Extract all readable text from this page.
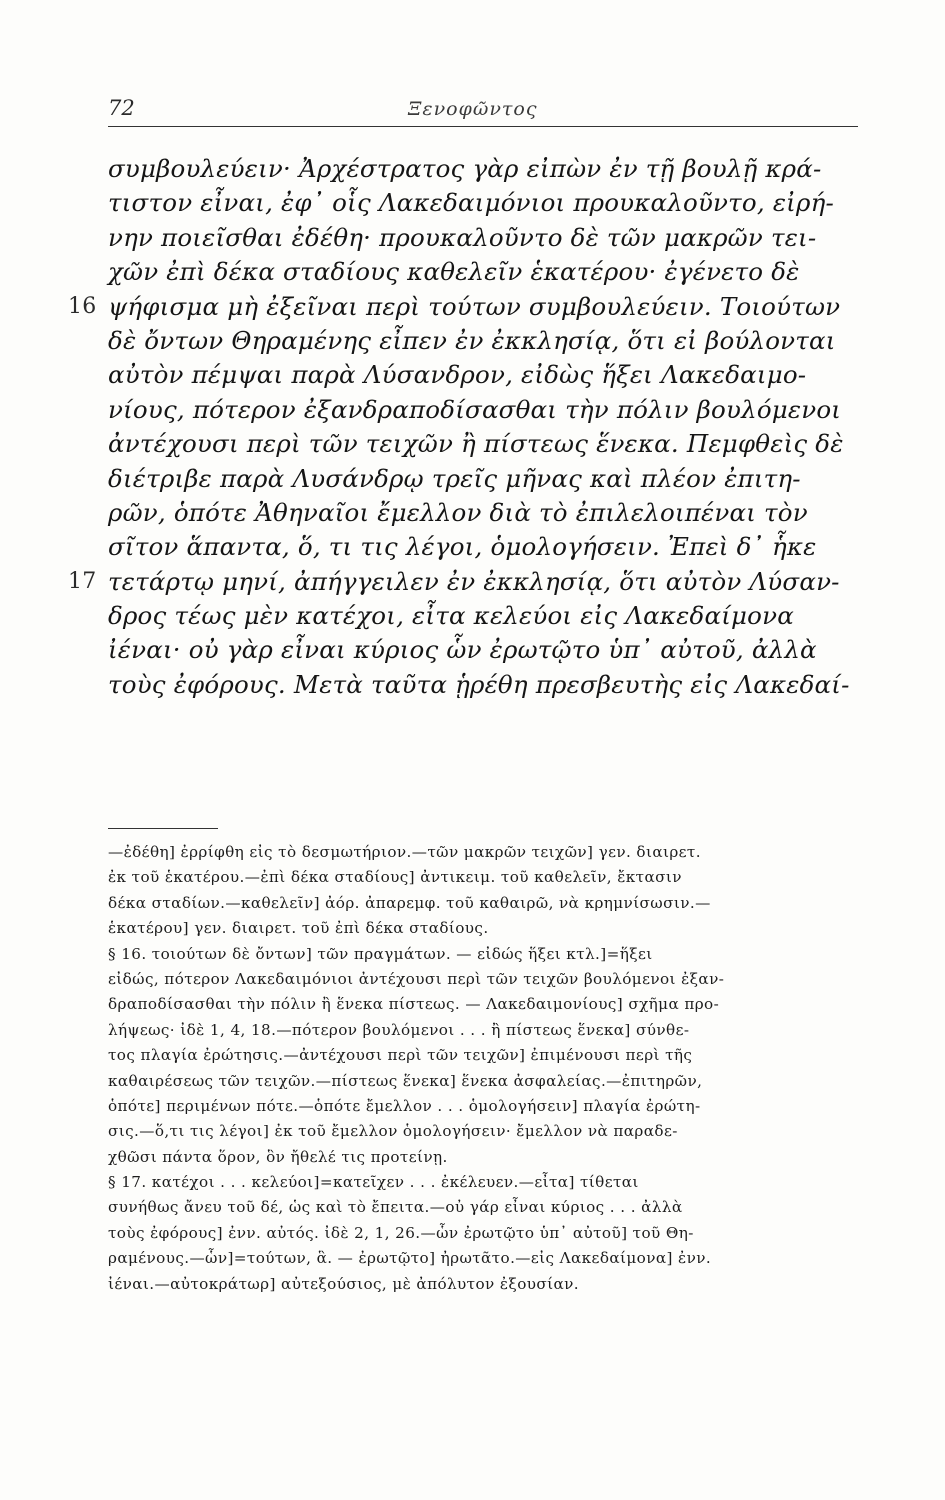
72	Ξενοφῶντος
συμβουλεύειν· Ἀρχέστρατος γὰρ εἰπὼν ἐν τῇ βουλῇ κρά-
τιστον εἶναι, ἐφ᾽ οἷς Λακεδαιμόνιοι προυκαλοῦντο, εἰρή-
νην ποιεῖσθαι ἐδέθη· προυκαλοῦντο δὲ τῶν μακρῶν τει-
χῶν ἐπὶ δέκα σταδίους καθελεῖν ἑκατέρου· ἐγένετο δὲ
16 ψήφισμα μὴ ἐξεῖναι περὶ τούτων συμβουλεύειν. Τοιούτων
δὲ ὄντων Θηραμένης εἶπεν ἐν ἐκκλησίᾳ, ὅτι εἰ βούλονται
αὐτὸν πέμψαι παρὰ Λύσανδρον, εἰδὼς ἥξει Λακεδαιμο-
νίους, πότερον ἐξανδραποδίσασθαι τὴν πόλιν βουλόμενοι
ἀντέχουσι περὶ τῶν τειχῶν ἢ πίστεως ἕνεκα. Πεμφθεὶς δὲ
διέτριβε παρὰ Λυσάνδρῳ τρεῖς μῆνας καὶ πλέον ἐπιτη-
ρῶν, ὁπότε Ἀθηναῖοι ἔμελλον διὰ τὸ ἐπιλελοιπέναι τὸν
σῖτον ἅπαντα, ὅ, τι τις λέγοι, ὁμολογήσειν. Ἐπεὶ δ᾽ ἧκε
17 τετάρτῳ μηνί, ἀπήγγειλεν ἐν ἐκκλησίᾳ, ὅτι αὐτὸν Λύσαν-
δρος τέως μὲν κατέχοι, εἶτα κελεύοι εἰς Λακεδαίμονα
ἰέναι· οὐ γὰρ εἶναι κύριος ὧν ἐρωτῷτο ὑπ᾽ αὐτοῦ, ἀλλὰ
τοὺς ἐφόρους. Μετὰ ταῦτα ᾑρέθη πρεσβευτὴς εἰς Λακεδαί-
—ἐδέθη] ἐρρίφθη εἰς τὸ δεσμωτήριον.—τῶν μακρῶν τειχῶν] γεν. διαιρετ.
ἐκ τοῦ ἑκατέρου.—ἐπὶ δέκα σταδίους] ἀντικειμ. τοῦ καθελεῖν, ἔκτασιν
δέκα σταδίων.—καθελεῖν] ἀόρ. ἀπαρεμφ. τοῦ καθαιρῶ, νὰ κρημνίσωσιν.—
ἑκατέρου] γεν. διαιρετ. τοῦ ἐπὶ δέκα σταδίους.
§ 16. τοιούτων δὲ ὄντων] τῶν πραγμάτων. — εἰδώς ἥξει κτλ.]=ἥξει
εἰδώς, πότερον Λακεδαιμόνιοι ἀντέχουσι περὶ τῶν τειχῶν βουλόμενοι ἐξαν-
δραποδίσασθαι τὴν πόλιν ἢ ἕνεκα πίστεως. — Λακεδαιμονίους] σχῆμα προ-
λήψεως· ἰδὲ 1, 4, 18.—πότερον βουλόμενοι . . . ἢ πίστεως ἕνεκα] σύνθε-
τος πλαγία ἐρώτησις.—ἀντέχουσι περὶ τῶν τειχῶν] ἐπιμένουσι περὶ τῆς
καθαιρέσεως τῶν τειχῶν.—πίστεως ἕνεκα] ἕνεκα ἀσφαλείας.—ἐπιτηρῶν,
ὁπότε] περιμένων πότε.—ὁπότε ἔμελλον . . . ὁμολογήσειν] πλαγία ἐρώτη-
σις.—ὅ,τι τις λέγοι] ἐκ τοῦ ἔμελλον ὁμολογήσειν· ἔμελλον νὰ παραδε-
χθῶσι πάντα ὅρον, ὃν ἤθελέ τις προτείνῃ.
§ 17. κατέχοι . . . κελεύοι]=κατεῖχεν . . . ἐκέλευεν.—εἶτα] τίθεται
συνήθως ἄνευ τοῦ δέ, ὡς καὶ τὸ ἔπειτα.—οὐ γάρ εἶναι κύριος . . . ἀλλὰ
τοὺς ἐφόρους] ἐνν. αὐτός. ἰδὲ 2, 1, 26.—ὧν ἐρωτῷτο ὑπ᾽ αὐτοῦ] τοῦ Θη-
ραμένους.—ὧν]=τούτων, ἃ. — ἐρωτῷτο] ἠρωτᾶτο.—εἰς Λακεδαίμονα] ἐνν.
ἰέναι.—αὐτοκράτωρ] αὐτεξούσιος, μὲ ἀπόλυτον ἐξουσίαν.
